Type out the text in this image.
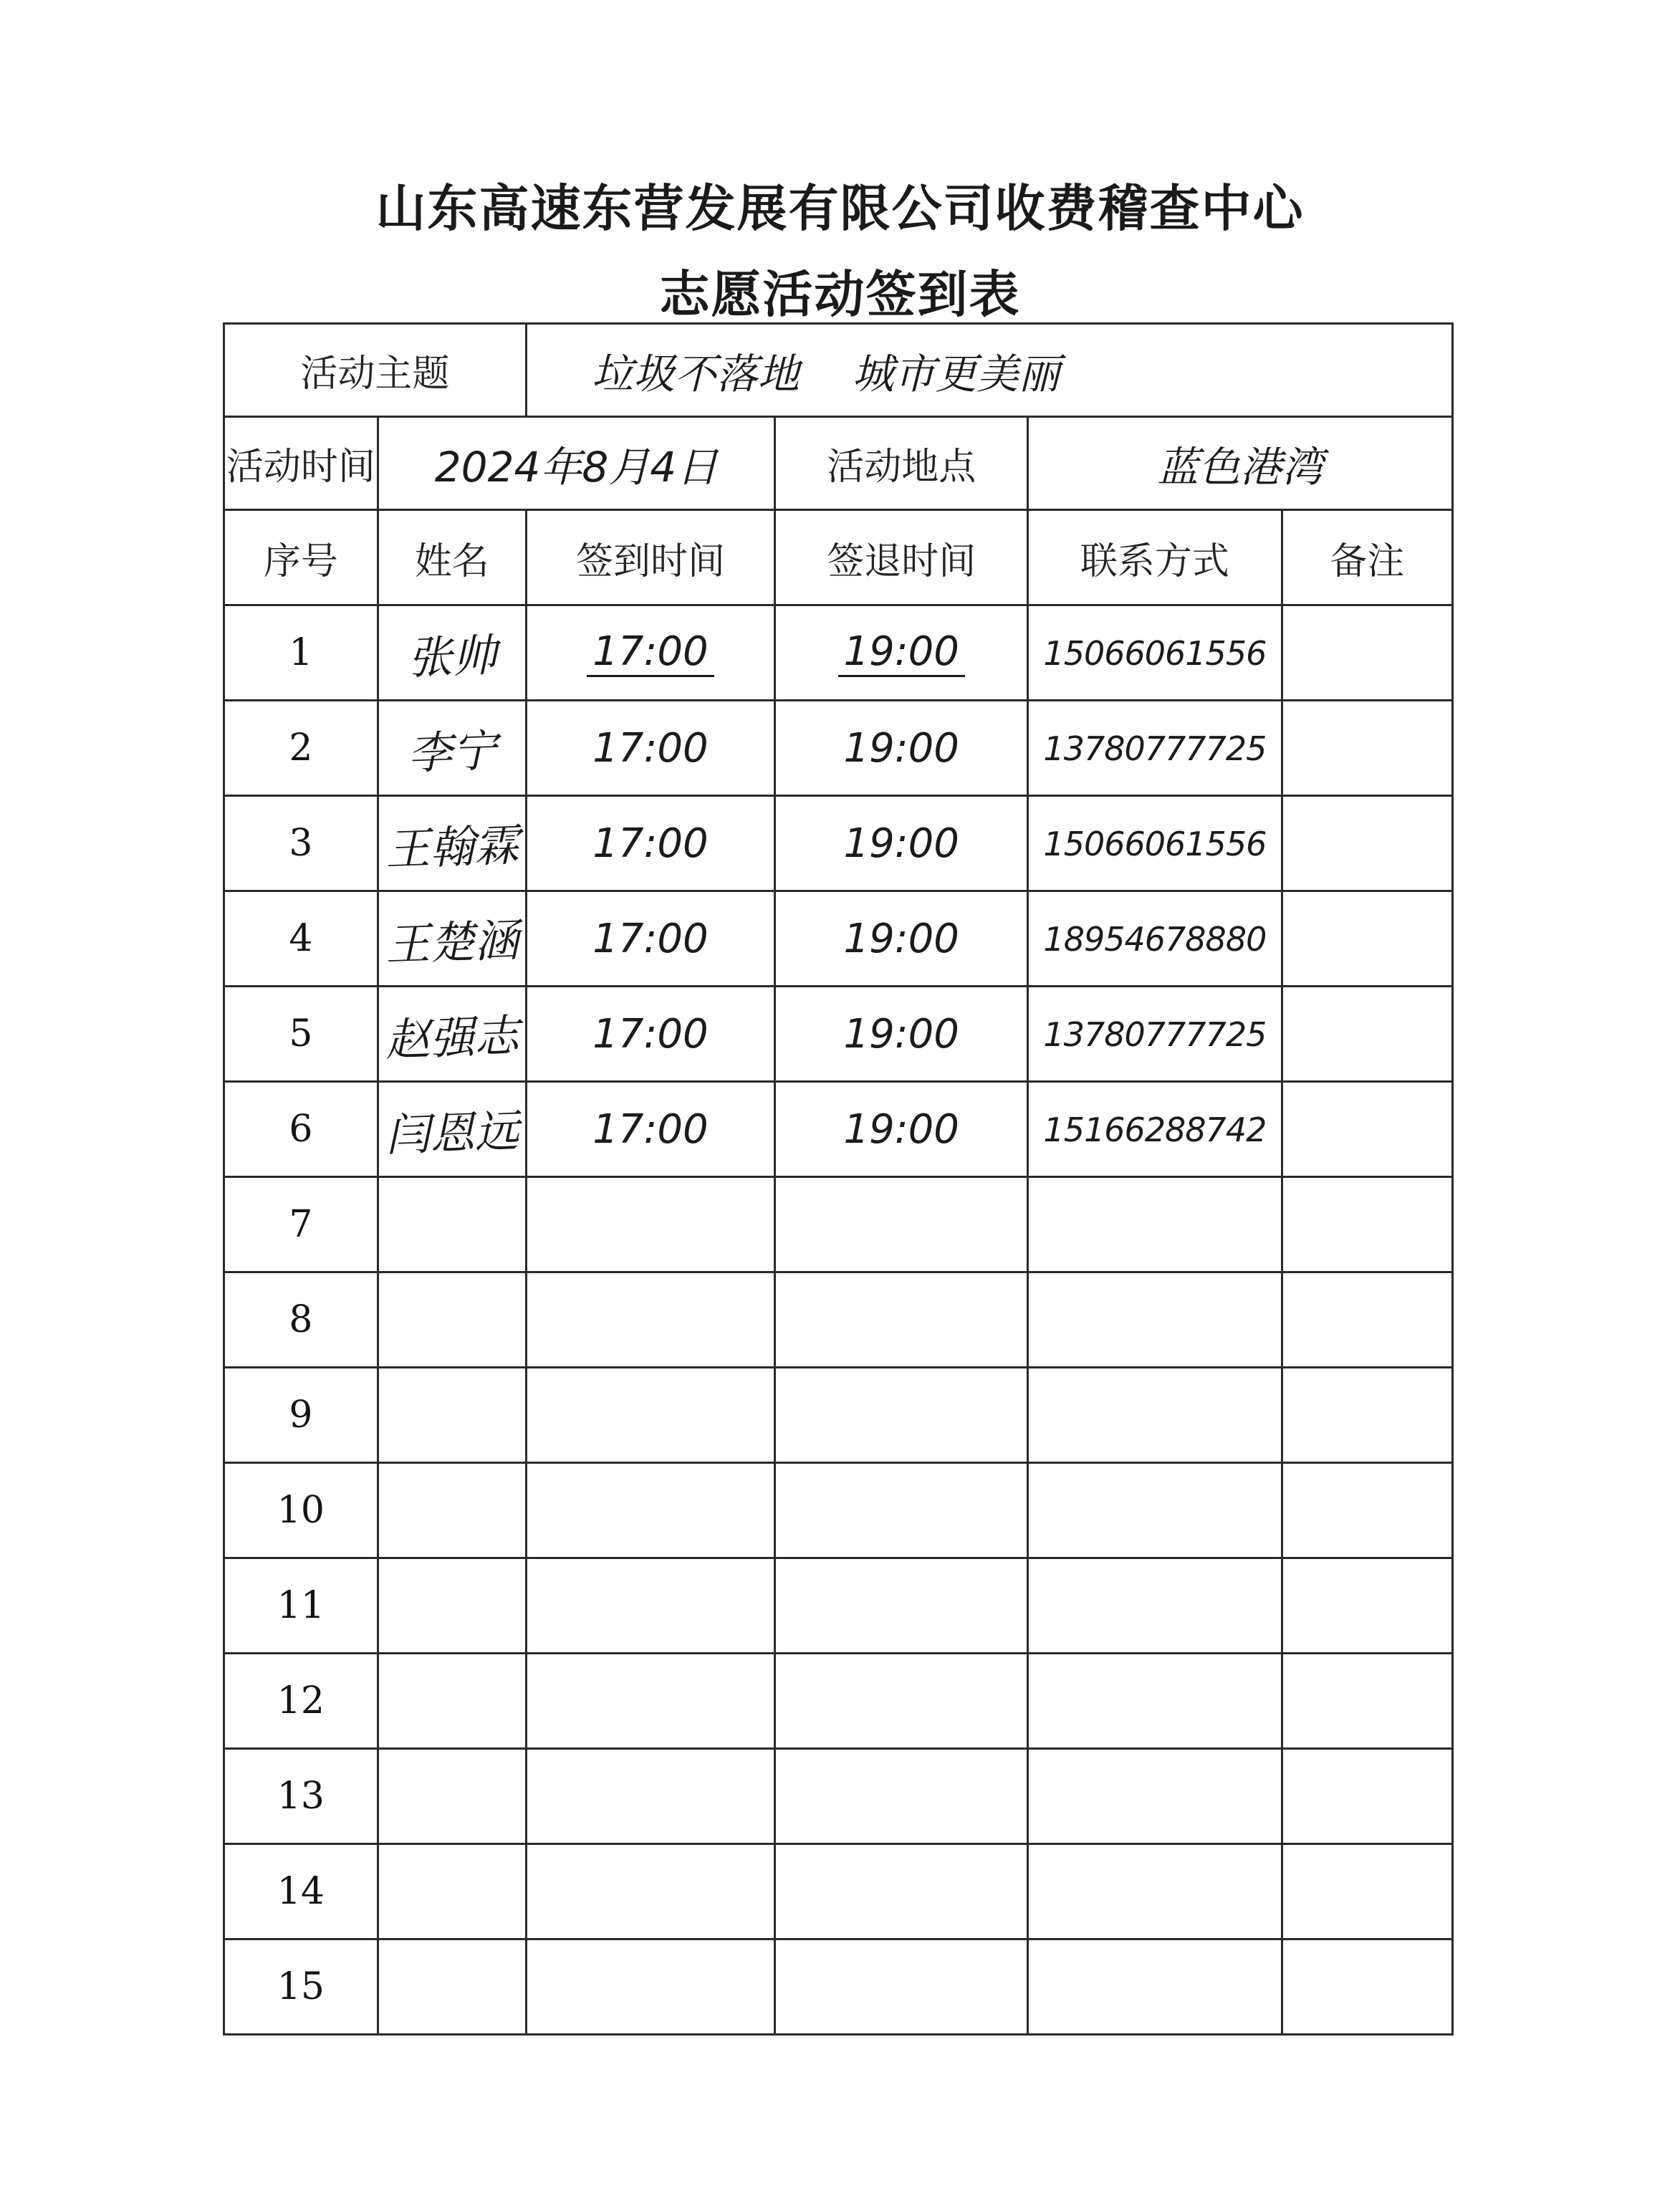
山东高速东营发展有限公司收费稽查中心
志愿活动签到表
活动主题		垃圾不落地    城市更美丽			
活动时间	2024年8月4日		活动地点	蓝色港湾	
序号	姓名	签到时间	签退时间	联系方式	备注
1	张帅	17:00	19:00	15066061556	
2	李宁	17:00	19:00	13780777725	
3	王翰霖	17:00	19:00	15066061556	
4	王楚涵	17:00	19:00	18954678880	
5	赵强志	17:00	19:00	13780777725	
6	闫恩远	17:00	19:00	15166288742	
7					
8					
9					
10					
11					
12					
13					
14					
15					
